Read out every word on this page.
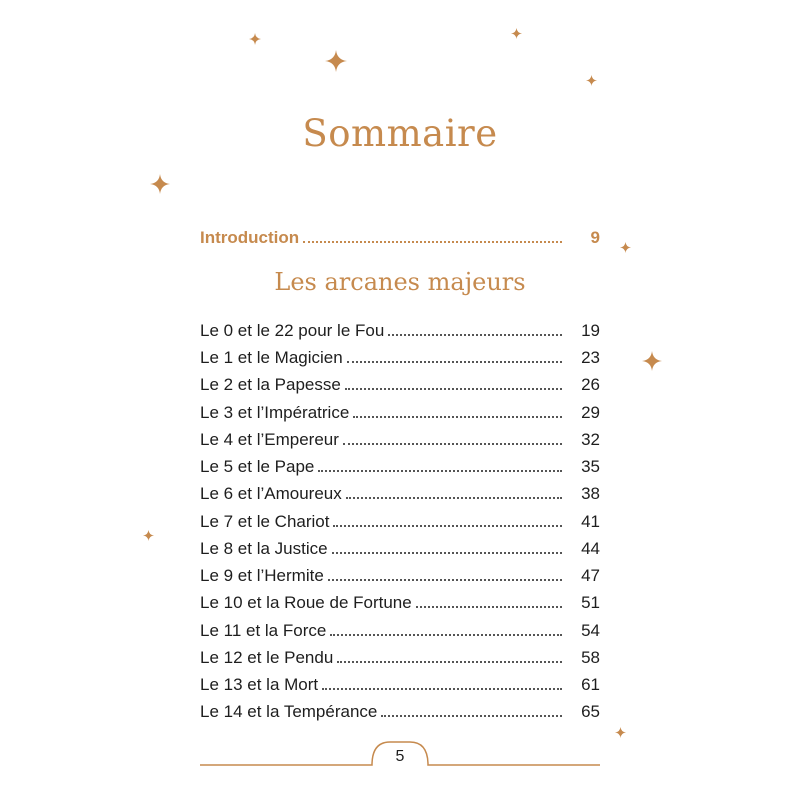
Sommaire
Introduction	9
Les arcanes majeurs
Le 0 et le 22 pour le Fou	19
Le 1 et le Magicien	23
Le 2 et la Papesse	26
Le 3 et l’Impératrice	29
Le 4 et l’Empereur	32
Le 5 et le Pape	35
Le 6 et l’Amoureux	38
Le 7 et le Chariot	41
Le 8 et la Justice	44
Le 9 et l’Hermite	47
Le 10 et la Roue de Fortune	51
Le 11 et la Force	54
Le 12 et le Pendu	58
Le 13 et la Mort	61
Le 14 et la Tempérance	65
5
